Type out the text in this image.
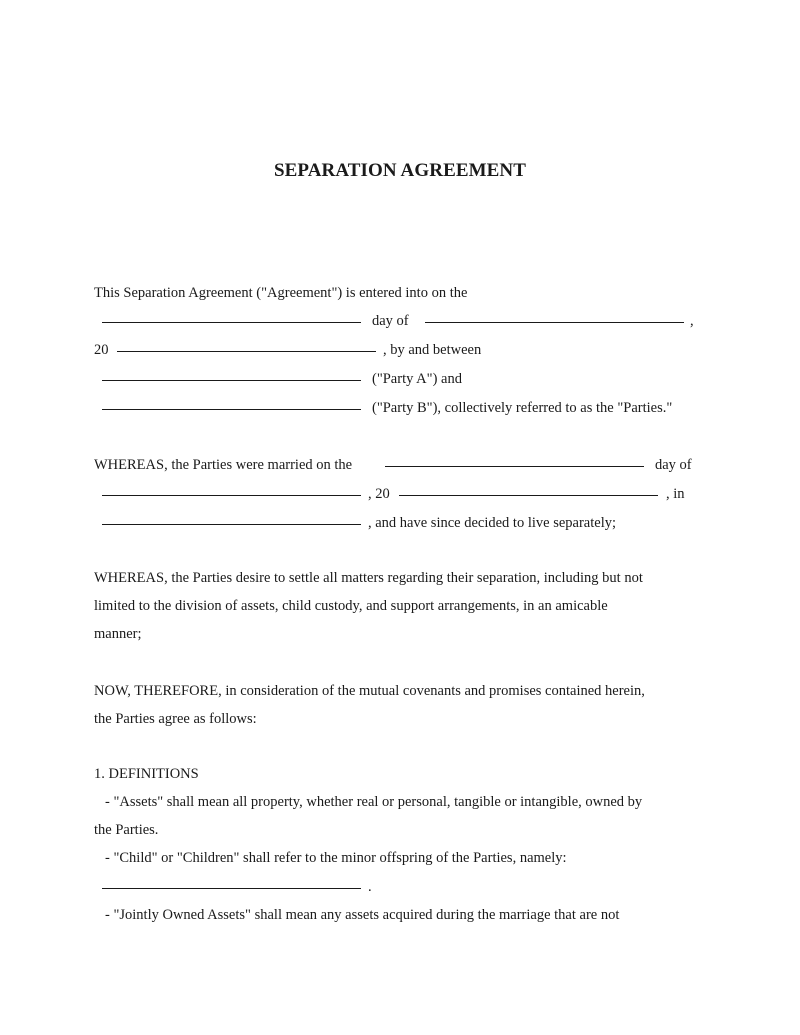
SEPARATION AGREEMENT
This Separation Agreement ("Agreement") is entered into on the
day of	,
20	, by and between
("Party A") and
("Party B"), collectively referred to as the "Parties."
WHEREAS, the Parties were married on the	day of
, 20	, in
, and have since decided to live separately;
WHEREAS, the Parties desire to settle all matters regarding their separation, including but not
limited to the division of assets, child custody, and support arrangements, in an amicable
manner;
NOW, THEREFORE, in consideration of the mutual covenants and promises contained herein,
the Parties agree as follows:
1. DEFINITIONS
- "Assets" shall mean all property, whether real or personal, tangible or intangible, owned by
the Parties.
- "Child" or "Children" shall refer to the minor offspring of the Parties, namely:
.
- "Jointly Owned Assets" shall mean any assets acquired during the marriage that are not
